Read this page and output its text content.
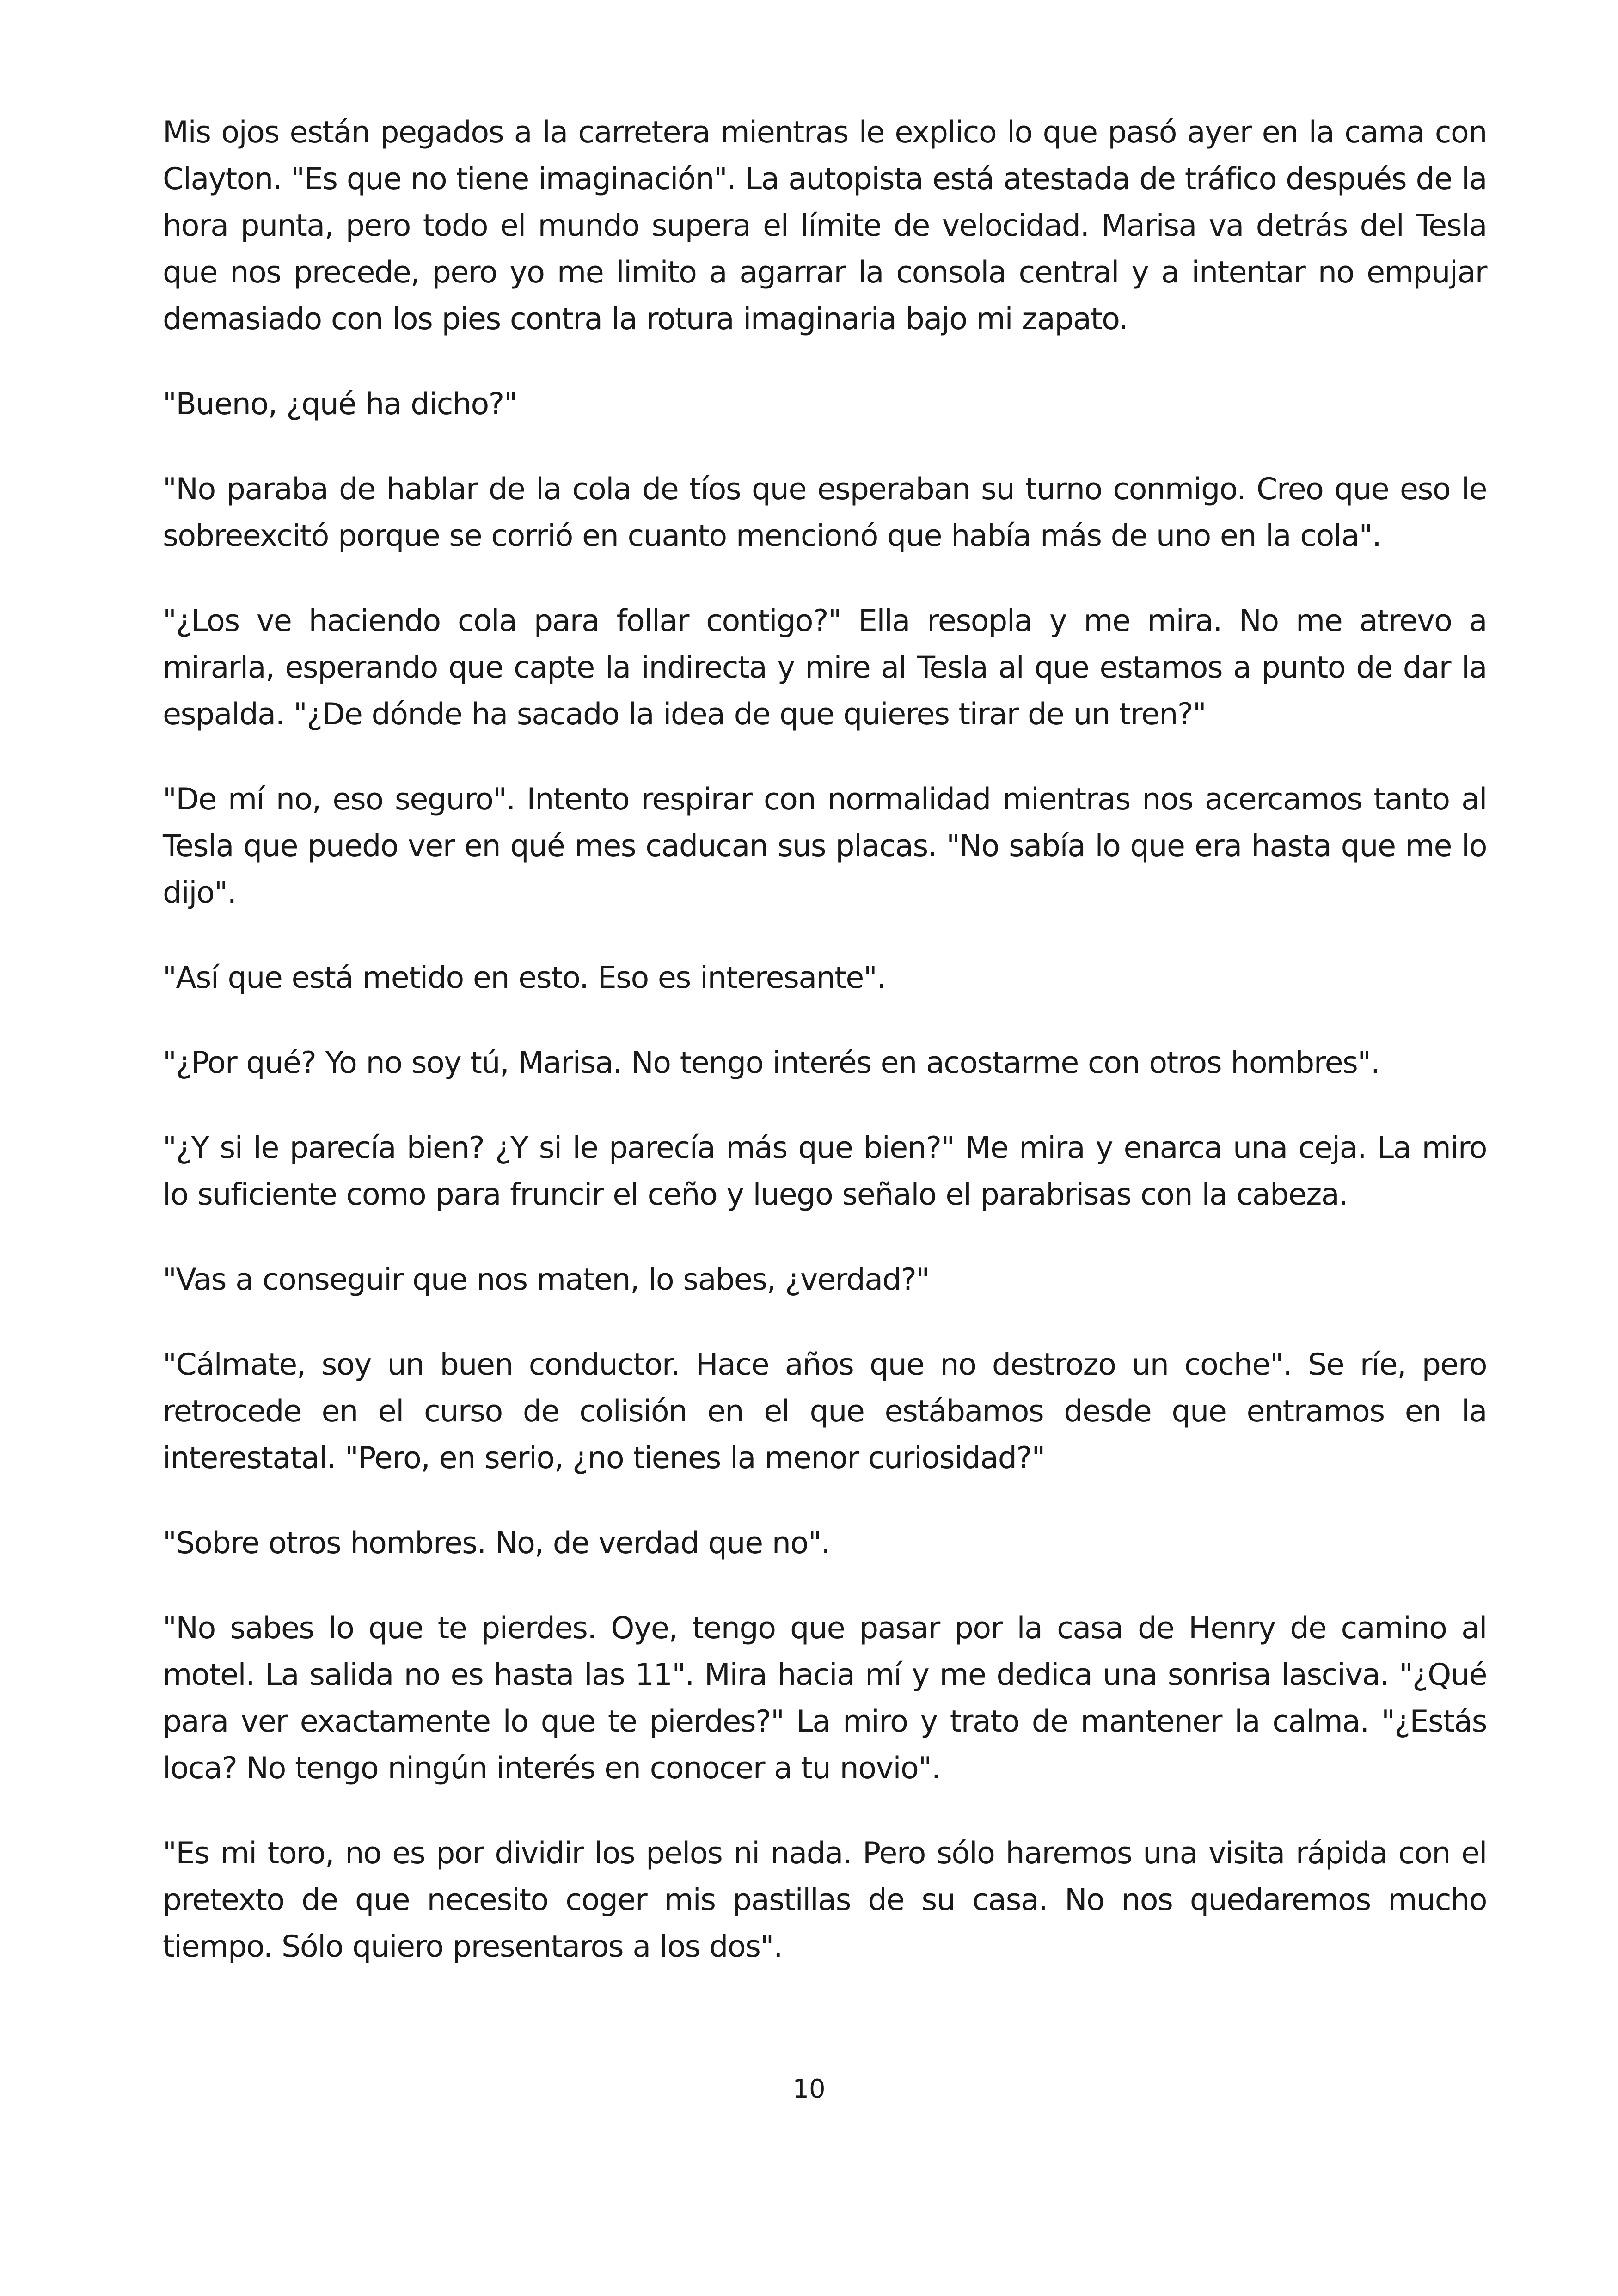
Mis ojos están pegados a la carretera mientras le explico lo que pasó ayer en la cama con Clayton. "Es que no tiene imaginación". La autopista está atestada de tráfico después de la hora punta, pero todo el mundo supera el límite de velocidad. Marisa va detrás del Tesla que nos precede, pero yo me limito a agarrar la consola central y a intentar no empujar demasiado con los pies contra la rotura imaginaria bajo mi zapato.

"Bueno, ¿qué ha dicho?"

"No paraba de hablar de la cola de tíos que esperaban su turno conmigo. Creo que eso le sobreexcitó porque se corrió en cuanto mencionó que había más de uno en la cola".

"¿Los ve haciendo cola para follar contigo?" Ella resopla y me mira. No me atrevo a mirarla, esperando que capte la indirecta y mire al Tesla al que estamos a punto de dar la espalda. "¿De dónde ha sacado la idea de que quieres tirar de un tren?"

"De mí no, eso seguro". Intento respirar con normalidad mientras nos acercamos tanto al Tesla que puedo ver en qué mes caducan sus placas. "No sabía lo que era hasta que me lo dijo".

"Así que está metido en esto. Eso es interesante".

"¿Por qué? Yo no soy tú, Marisa. No tengo interés en acostarme con otros hombres".

"¿Y si le parecía bien? ¿Y si le parecía más que bien?" Me mira y enarca una ceja. La miro lo suficiente como para fruncir el ceño y luego señalo el parabrisas con la cabeza.

"Vas a conseguir que nos maten, lo sabes, ¿verdad?"

"Cálmate, soy un buen conductor. Hace años que no destrozo un coche". Se ríe, pero retrocede en el curso de colisión en el que estábamos desde que entramos en la interestatal. "Pero, en serio, ¿no tienes la menor curiosidad?"

"Sobre otros hombres. No, de verdad que no".

"No sabes lo que te pierdes. Oye, tengo que pasar por la casa de Henry de camino al motel. La salida no es hasta las 11". Mira hacia mí y me dedica una sonrisa lasciva. "¿Qué para ver exactamente lo que te pierdes?" La miro y trato de mantener la calma. "¿Estás loca? No tengo ningún interés en conocer a tu novio".

"Es mi toro, no es por dividir los pelos ni nada. Pero sólo haremos una visita rápida con el pretexto de que necesito coger mis pastillas de su casa. No nos quedaremos mucho tiempo. Sólo quiero presentaros a los dos".

10
